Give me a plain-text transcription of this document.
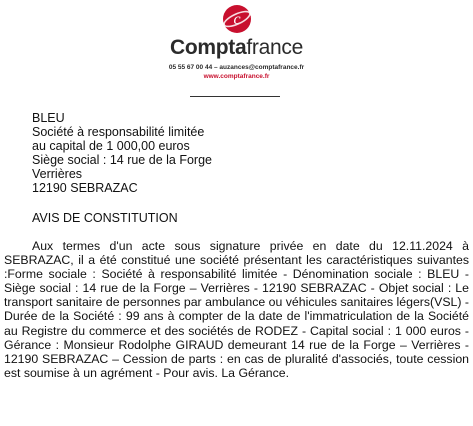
c
Comptafrance
05 55 67 00 44 – auzances@comptafrance.fr
www.comptafrance.fr
BLEU
Société à responsabilité limitée
au capital de 1 000,00 euros
Siège social : 14 rue de la Forge
Verrières
12190 SEBRAZAC
AVIS DE CONSTITUTION

Aux termes d'un acte sous signature privée en date du 12.11.2024 à SEBRAZAC, il a été constitué une société présentant les caractéristiques suivantes :Forme sociale : Société à responsabilité limitée - Dénomination sociale : BLEU - Siège social : 14 rue de la Forge – Verrières - 12190 SEBRAZAC - Objet social : Le transport sanitaire de personnes par ambulance ou véhicules sanitaires légers(VSL) - Durée de la Société : 99 ans à compter de la date de l'immatriculation de la Société au Registre du commerce et des sociétés de RODEZ - Capital social : 1 000 euros - Gérance : Monsieur Rodolphe GIRAUD demeurant 14 rue de la Forge – Verrières - 12190 SEBRAZAC – Cession de parts : en cas de pluralité d'associés, toute cession est soumise à un agrément - Pour avis. La Gérance.
